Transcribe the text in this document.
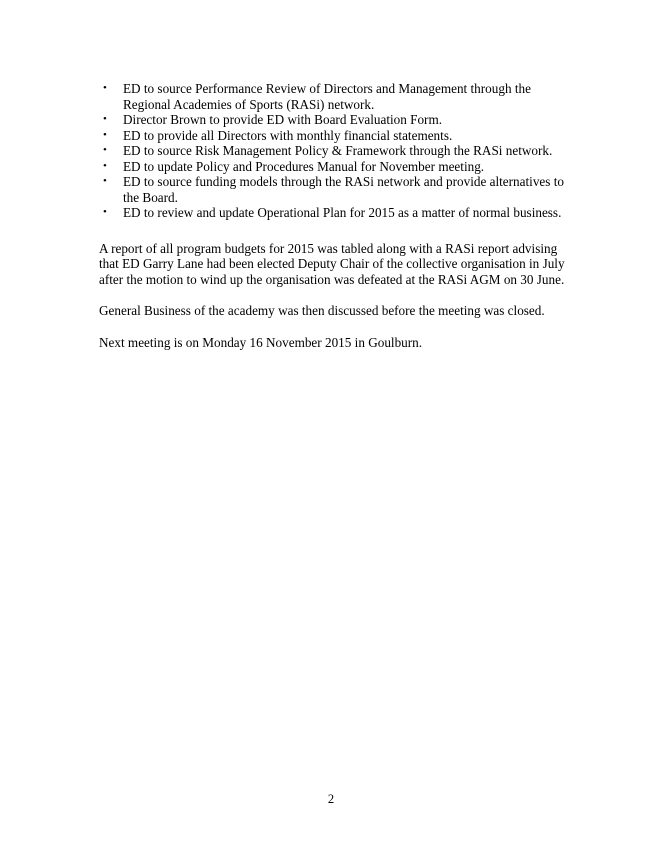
• ED to source Performance Review of Directors and Management through the Regional Academies of Sports (RASi) network.
• Director Brown to provide ED with Board Evaluation Form.
• ED to provide all Directors with monthly financial statements.
• ED to source Risk Management Policy & Framework through the RASi network.
• ED to update Policy and Procedures Manual for November meeting.
• ED to source funding models through the RASi network and provide alternatives to the Board.
• ED to review and update Operational Plan for 2015 as a matter of normal business.

A report of all program budgets for 2015 was tabled along with a RASi report advising that ED Garry Lane had been elected Deputy Chair of the collective organisation in July after the motion to wind up the organisation was defeated at the RASi AGM on 30 June.

General Business of the academy was then discussed before the meeting was closed.

Next meeting is on Monday 16 November 2015 in Goulburn.

2
